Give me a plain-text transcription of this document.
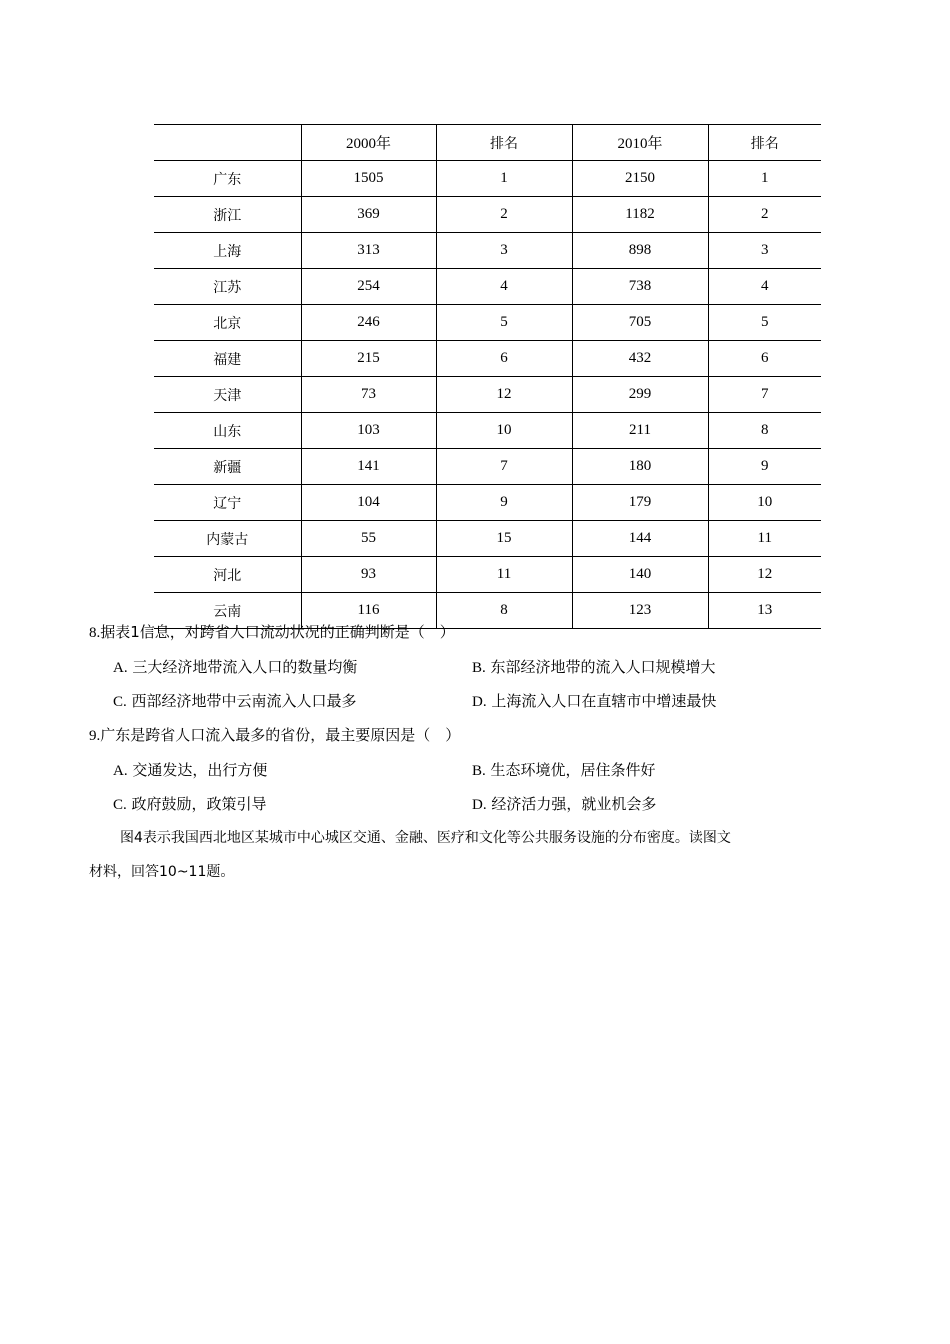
	2000年	排名	2010年	排名
广东	1505	1	2150	1
浙江	369	2	1182	2
上海	313	3	898	3
江苏	254	4	738	4
北京	246	5	705	5
福建	215	6	432	6
天津	73	12	299	7
山东	103	10	211	8
新疆	141	7	180	9
辽宁	104	9	179	10
内蒙古	55	15	144	11
河北	93	11	140	12
云南	116	8	123	13
8.据表1信息，对跨省人口流动状况的正确判断是（　）
A. 三大经济地带流入人口的数量均衡	B. 东部经济地带的流入人口规模增大
C. 西部经济地带中云南流入人口最多	D. 上海流入人口在直辖市中增速最快
9.广东是跨省人口流入最多的省份，最主要原因是（　）
A. 交通发达，出行方便	B. 生态环境优，居住条件好
C. 政府鼓励，政策引导	D. 经济活力强，就业机会多
图4表示我国西北地区某城市中心城区交通、金融、医疗和文化等公共服务设施的分布密度。读图文
材料，回答10~11题。
